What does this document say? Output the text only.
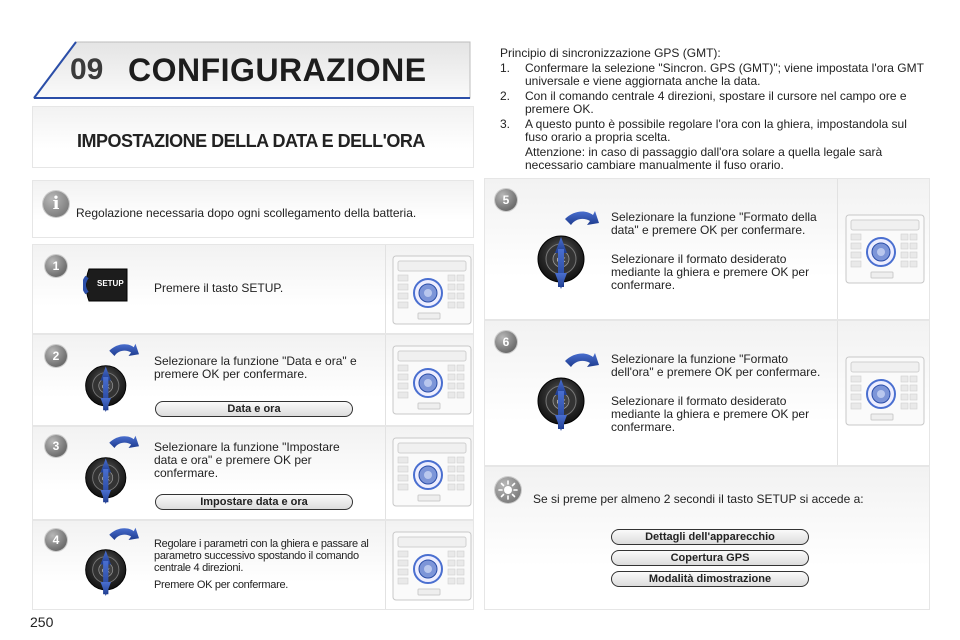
09 CONFIGURAZIONE
IMPOSTAZIONE DELLA DATA E DELL'ORA
i	Regolazione necessaria dopo ogni scollegamento della batteria.
1
SETUP	Premere il tasto SETUP.
2	Selezionare la funzione "Data e ora" e premere OK per confermare.
Data e ora
3	Selezionare la funzione "Impostare data e ora" e premere OK per confermare.
Impostare data e ora
4	Regolare i parametri con la ghiera e passare al parametro successivo spostando il comando centrale 4 direzioni.
Premere OK per confermare.
Principio di sincronizzazione GPS (GMT):
1. Confermare la selezione "Sincron. GPS (GMT)"; viene impostata l'ora GMT universale e viene aggiornata anche la data.
2. Con il comando centrale 4 direzioni, spostare il cursore nel campo ore e premere OK.
3. A questo punto è possibile regolare l'ora con la ghiera, impostandola sul fuso orario a propria scelta.
Attenzione: in caso di passaggio dall'ora solare a quella legale sarà necessario cambiare manualmente il fuso orario.
5
Selezionare la funzione "Formato della data" e premere OK per confermare.
Selezionare il formato desiderato mediante la ghiera e premere OK per confermare.
6
Selezionare la funzione "Formato dell'ora" e premere OK per confermare.
Selezionare il formato desiderato mediante la ghiera e premere OK per confermare.
Se si preme per almeno 2 secondi il tasto SETUP si accede a:
Dettagli dell'apparecchio
Copertura GPS
Modalità dimostrazione
250
